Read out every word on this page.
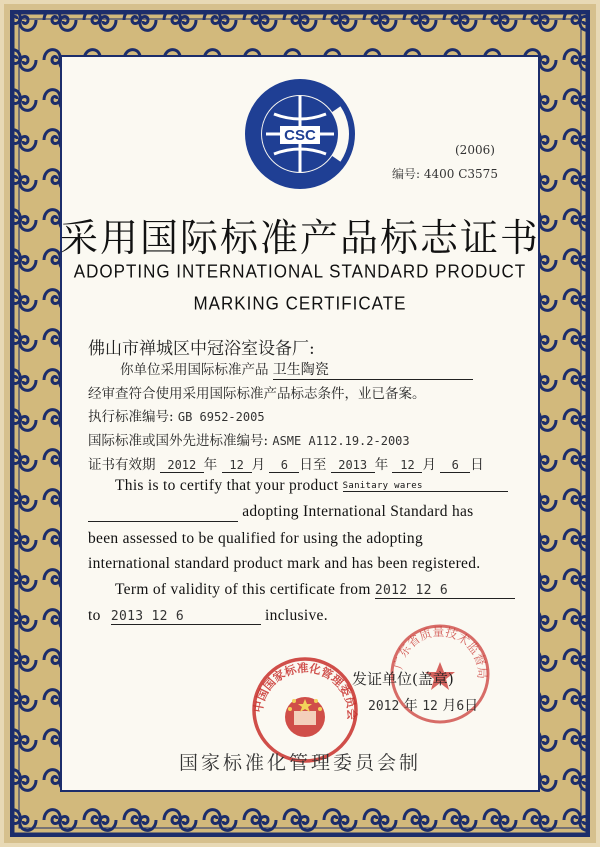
CSC
(2006)
编号: 4400 C3575
采用国际标准产品标志证书
ADOPTING INTERNATIONAL STANDARD PRODUCT
MARKING CERTIFICATE
佛山市禅城区中冠浴室设备厂:
你单位采用国际标准产品 卫生陶瓷
经审查符合使用采用国际标准产品标志条件，业已备案。
执行标准编号: GB 6952-2005
国际标准或国外先进标准编号: ASME A112.19.2-2003
证书有效期 2012 年 12 月 6 日至 2013 年 12 月 6 日
This is to certify that your product Sanitary wares
adopting International Standard has
been assessed to be qualified for using the adopting
international standard product mark and has been registered.
Term of validity of this certificate from 2012 12 6
to 2013 12 6	inclusive.
广东省质量技术监督局
发证单位(盖章)
2012 年 12 月6日
中国国家标准化管理委员会
国家标准化管理委员会制
